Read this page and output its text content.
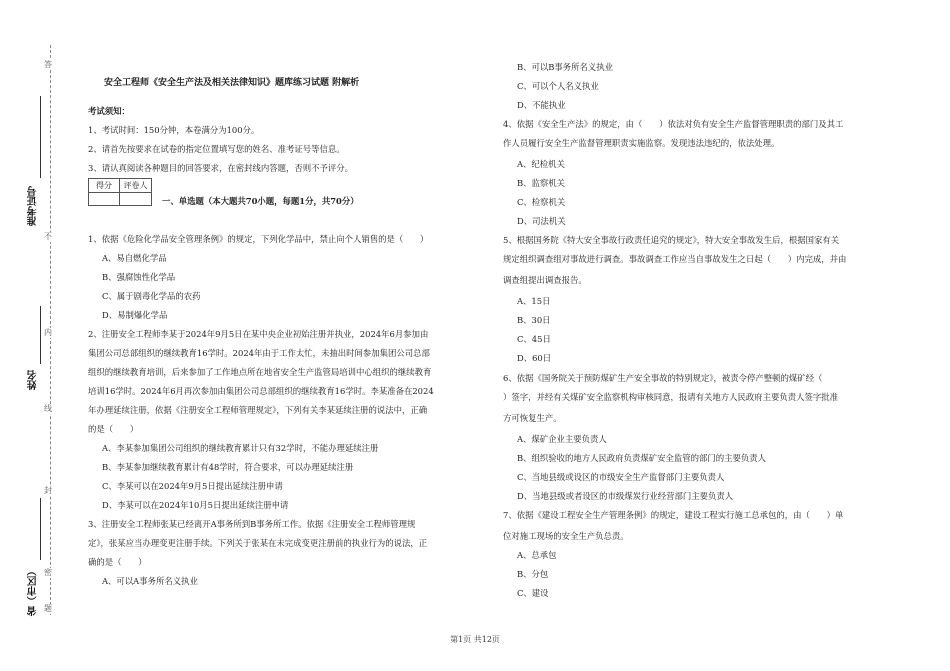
答
不
内
线
封
密
题
准考证号
姓名
省（市区）
安全工程师《安全生产法及相关法律知识》题库练习试题 附解析
考试须知：
1、考试时间：150分钟，本卷满分为100分。
2、请首先按要求在试卷的指定位置填写您的姓名、准考证号等信息。
3、请认真阅读各种题目的回答要求，在密封线内答题，否则不予评分。
一、单选题（本大题共70小题，每题1分，共70分）
1、依据《危险化学品安全管理条例》的规定，下列化学品中，禁止向个人销售的是（　　）
A、易自燃化学品
B、强腐蚀性化学品
C、属于剧毒化学品的农药
D、易制爆化学品
2、注册安全工程师李某于2024年9月5日在某中央企业初始注册并执业，2024年6月参加由
集团公司总部组织的继续教育16学时。2024年由于工作太忙，未抽出时间参加集团公司总部
组织的继续教育培训，后来参加了工作地点所在地省安全生产监管局培训中心组织的继续教育
培训16学时。2024年6月再次参加由集团公司总部组织的继续教育16学时。李某准备在2024
年办理延续注册，依据《注册安全工程师管理规定》，下列有关李某延续注册的说法中，正确
的是（　　）
A、李某参加集团公司组织的继续教育累计只有32学时，不能办理延续注册
B、李某参加继续教育累计有48学时，符合要求，可以办理延续注册
C、李某可以在2024年9月5日提出延续注册申请
D、李某可以在2024年10月5日提出延续注册申请
3、注册安全工程师张某已经离开A事务所到B事务所工作。依据《注册安全工程师管理规
定》，张某应当办理变更注册手续。下列关于张某在未完成变更注册前的执业行为的说法，正
确的是（　　）
A、可以A事务所名义执业
得分	评卷人
B、可以B事务所名义执业
C、可以个人名义执业
D、不能执业
4、依据《安全生产法》的规定，由（　　）依法对负有安全生产监督管理职责的部门及其工
作人员履行安全生产监督管理职责实施监察。发现违法违纪的，依法处理。
A、纪检机关
B、监察机关
C、检察机关
D、司法机关
5、根据国务院《特大安全事故行政责任追究的规定》，特大安全事故发生后，根据国家有关
规定组织调查组对事故进行调查。事故调查工作应当自事故发生之日起（　　）内完成，并由
调查组提出调查报告。
A、15日
B、30日
C、45日
D、60日
6、依据《国务院关于预防煤矿生产安全事故的特别规定》，被责令停产整顿的煤矿经（　　
）签字，并经有关煤矿安全监察机构审核同意，报请有关地方人民政府主要负责人签字批准
方可恢复生产。
A、煤矿企业主要负责人
B、组织验收的地方人民政府负责煤矿安全监管的部门的主要负责人
C、当地县级或设区的市级安全生产监督部门主要负责人
D、当地县级或者设区的市级煤炭行业经营部门主要负责人
7、依据《建设工程安全生产管理条例》的规定，建设工程实行施工总承包的，由（　　）单
位对施工现场的安全生产负总责。
A、总承包
B、分包
C、建设
第1页 共12页
